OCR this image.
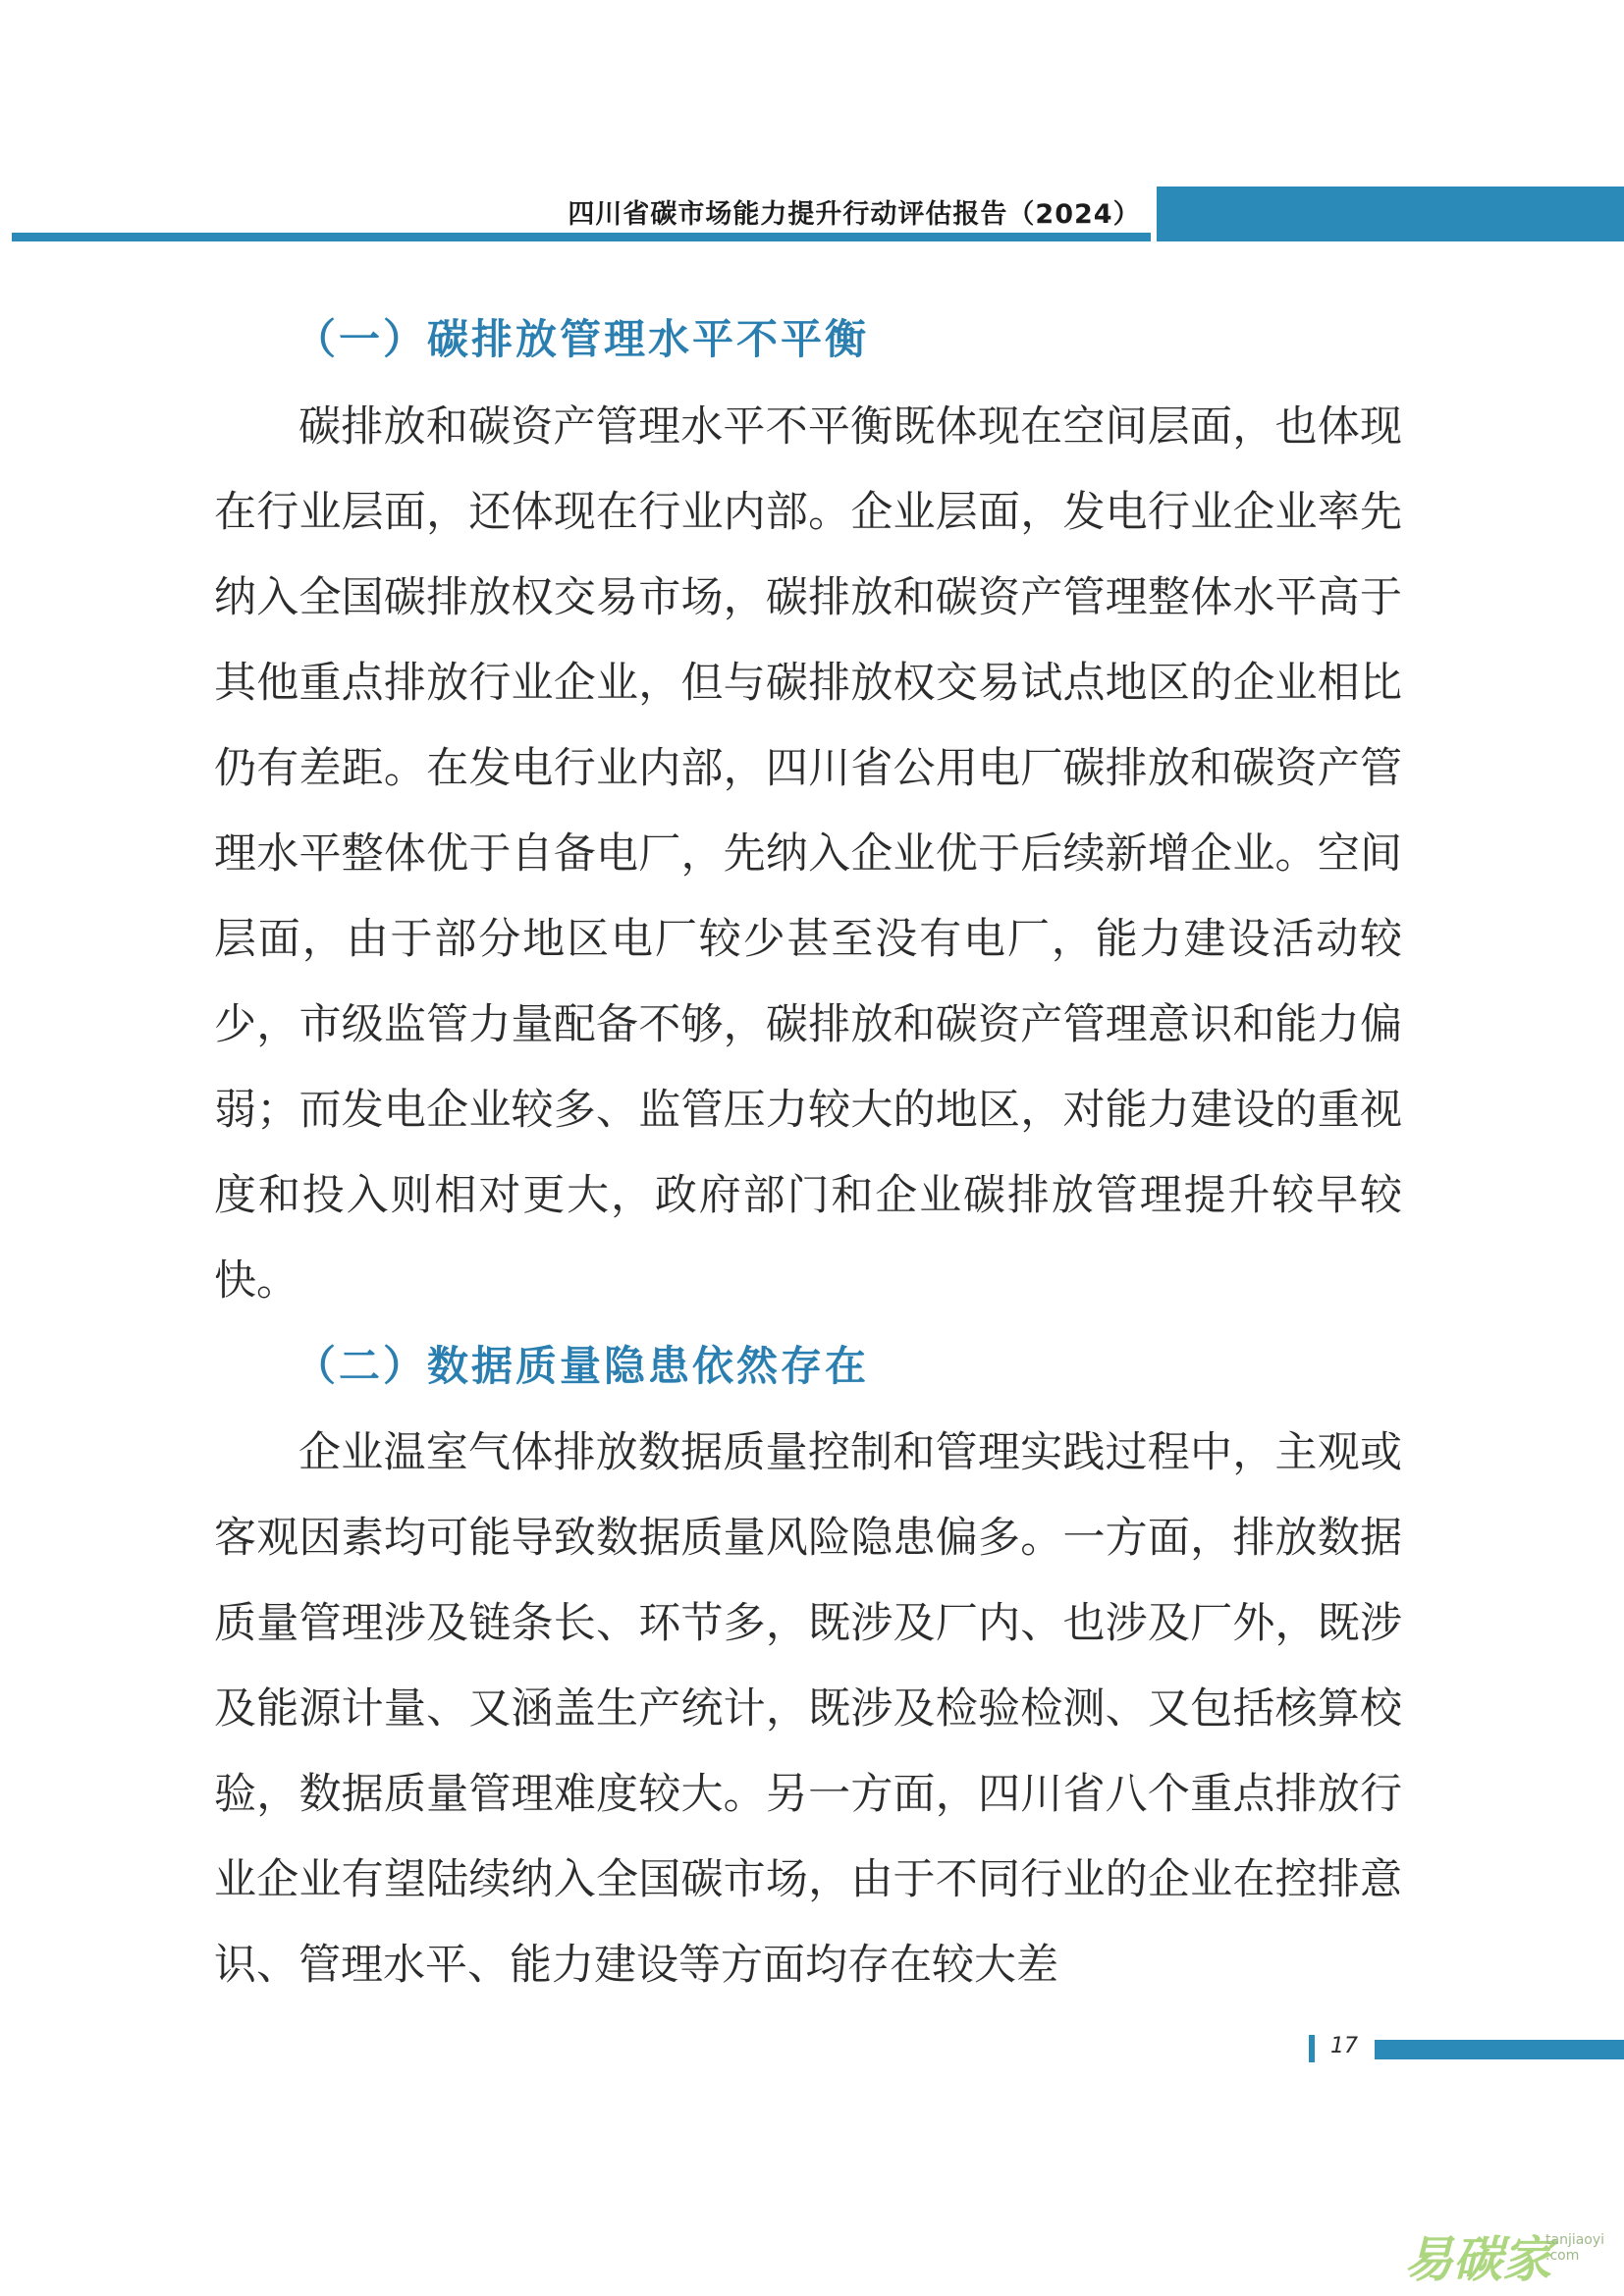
四川省碳市场能力提升行动评估报告（2024）
（一）碳排放管理水平不平衡
碳排放和碳资产管理水平不平衡既体现在空间层面，也体现在行业层面，还体现在行业内部。企业层面，发电行业企业率先纳入全国碳排放权交易市场，碳排放和碳资产管理整体水平高于其他重点排放行业企业，但与碳排放权交易试点地区的企业相比仍有差距。在发电行业内部，四川省公用电厂碳排放和碳资产管理水平整体优于自备电厂，先纳入企业优于后续新增企业。空间层面，由于部分地区电厂较少甚至没有电厂，能力建设活动较少，市级监管力量配备不够，碳排放和碳资产管理意识和能力偏弱；而发电企业较多、监管压力较大的地区，对能力建设的重视度和投入则相对更大，政府部门和企业碳排放管理提升较早较快。
（二）数据质量隐患依然存在
企业温室气体排放数据质量控制和管理实践过程中，主观或客观因素均可能导致数据质量风险隐患偏多。一方面，排放数据质量管理涉及链条长、环节多，既涉及厂内、也涉及厂外，既涉及能源计量、又涵盖生产统计，既涉及检验检测、又包括核算校验，数据质量管理难度较大。另一方面，四川省八个重点排放行业企业有望陆续纳入全国碳市场，由于不同行业的企业在控排意识、管理水平、能力建设等方面均存在较大差
17
易碳家
tanjiaoyi
.com
